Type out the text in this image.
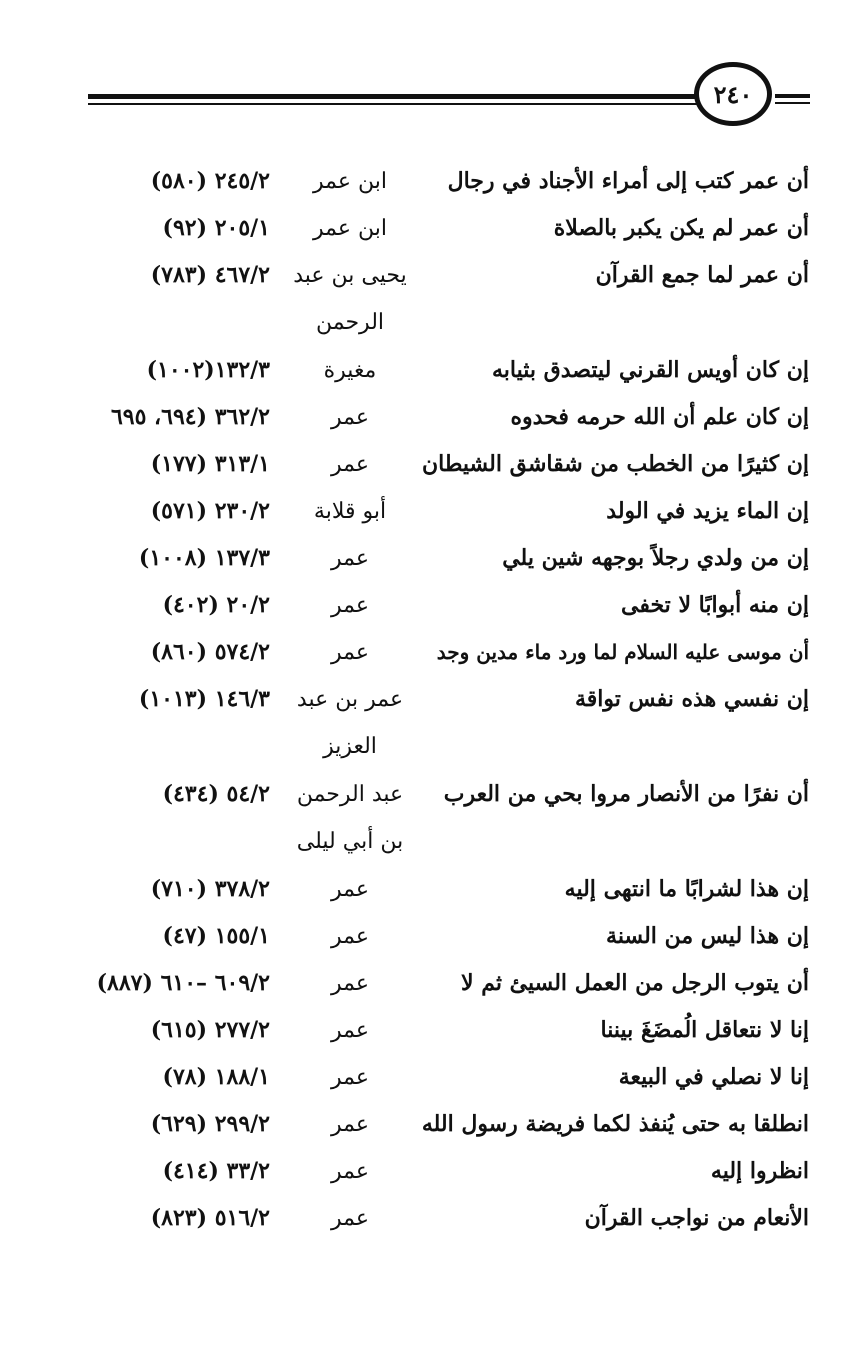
٢٤٠
أن عمر كتب إلى أمراء الأجناد في رجال
ابن عمر
٢٤٥/٢ (٥٨٠)
أن عمر لم يكن يكبر بالصلاة
ابن عمر
٢٠٥/١ (٩٢)
أن عمر لما جمع القرآن
يحيى بن عبد الرحمن
٤٦٧/٢ (٧٨٣)
إن كان أويس القرني ليتصدق بثيابه
مغيرة
١٣٢/٣(١٠٠٢)
إن كان علم أن الله حرمه فحدوه
عمر
٣٦٢/٢ (٦٩٤، ٦٩٥
إن كثيرًا من الخطب من شقاشق الشيطان
عمر
٣١٣/١ (١٧٧)
إن الماء يزيد في الولد
أبو قلابة
٢٣٠/٢ (٥٧١)
إن من ولدي رجلاً بوجهه شين يلي
عمر
١٣٧/٣ (١٠٠٨)
إن منه أبوابًا لا تخفى
عمر
٢٠/٢ (٤٠٢)
أن موسى عليه السلام لما ورد ماء مدين وجد
عمر
٥٧٤/٢ (٨٦٠)
إن نفسي هذه نفس تواقة
عمر بن عبد العزيز
١٤٦/٣ (١٠١٣)
أن نفرًا من الأنصار مروا بحي من العرب
عبد الرحمن بن أبي ليلى
٥٤/٢ (٤٣٤)
إن هذا لشرابًا ما انتهى إليه
عمر
٣٧٨/٢ (٧١٠)
إن هذا ليس من السنة
عمر
١٥٥/١ (٤٧)
أن يتوب الرجل من العمل السيئ ثم لا
عمر
٦٠٩/٢ –٦١٠ (٨٨٧)
إنا لا نتعاقل الُمضَغَ بيننا
عمر
٢٧٧/٢ (٦١٥)
إنا لا نصلي في البيعة
عمر
١٨٨/١ (٧٨)
انطلقا به حتى يُنفذ لكما فريضة رسول الله
عمر
٢٩٩/٢ (٦٢٩)
انظروا إليه
عمر
٣٣/٢ (٤١٤)
الأنعام من نواجب القرآن
عمر
٥١٦/٢ (٨٢٣)
